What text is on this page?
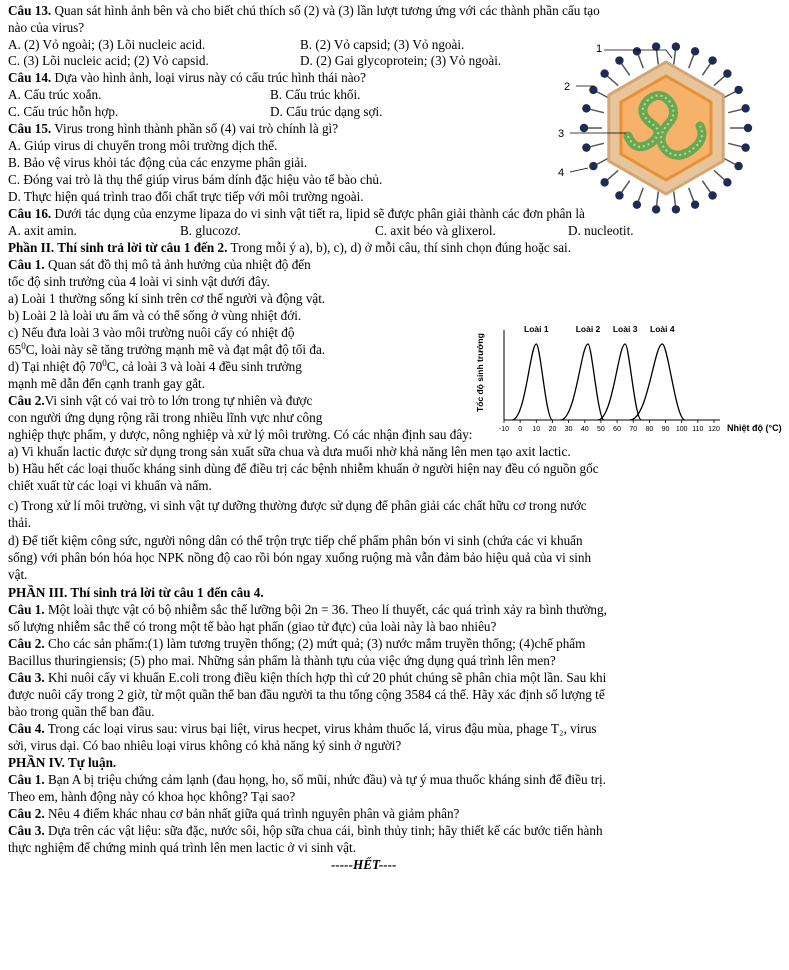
Câu 13. Quan sát hình ảnh bên và cho biết chú thích số (2) và (3) lần lượt tương ứng với các thành phần cấu tạo
nào của virus?
A. (2) Vỏ ngoài; (3) Lõi nucleic acid.	B. (2) Vỏ capsid; (3) Vỏ ngoài.
C. (3) Lõi nucleic acid; (2) Vỏ capsid.	D. (2) Gai glycoprotein; (3) Vỏ ngoài.
Câu 14. Dựa vào hình ảnh, loại virus này có cấu trúc hình thái nào?
A. Cấu trúc xoắn.	B. Cấu trúc khối.
C. Cấu trúc hỗn hợp.	D. Cấu trúc dạng sợi.
Câu 15. Virus trong hình thành phần số (4) vai trò chính là gì?
A. Giúp virus di chuyển trong môi trường dịch thể.
B. Bảo vệ virus khỏi tác động của các enzyme phân giải.
C. Đóng vai trò là thụ thể giúp virus bám dính đặc hiệu vào tế bào chủ.
D. Thực hiện quá trình trao đổi chất trực tiếp với môi trường ngoài.
1
2
3
4
Câu 16. Dưới tác dụng của enzyme lipaza do vi sinh vật tiết ra, lipid sẽ được phân giải thành các đơn phân là
A. axit amin.	B. glucozơ.	C. axit béo và glixerol.	D. nucleotit.
Phần II. Thí sinh trả lời từ câu 1 đến 2. Trong mỗi ý a), b), c), d) ở mỗi câu, thí sinh chọn đúng hoặc sai.
Câu 1. Quan sát đồ thị mô tả ảnh hưởng của nhiệt độ đến
tốc độ sinh trưởng của 4 loài vi sinh vật dưới đây.
a) Loài 1 thường sống kí sinh trên cơ thể người và động vật.
b) Loài 2 là loài ưu ấm và có thể sống ở vùng nhiệt đới.
c) Nếu đưa loài 3 vào môi trường nuôi cấy có nhiệt độ
$65^0C$, loài này sẽ tăng trưởng mạnh mẽ và đạt mật độ tối đa.
d) Tại nhiệt độ $70^0C$, cả loài 3 và loài 4 đều sinh trưởng
mạnh mẽ dẫn đến cạnh tranh gay gắt.
Câu 2.Vi sinh vật có vai trò to lớn trong tự nhiên và được
con người ứng dụng rộng rãi trong nhiều lĩnh vực như công
Loài 1	Loài 2 Loài 3 Loài 4
-10 0 10 20 30 40 50 60 70 80 90 100 110 120
Tốc độ sinh trưởng
Nhiệt độ (°C)
nghiệp thực phẩm, y dược, nông nghiệp và xử lý môi trường. Có các nhận định sau đây:
a) Vi khuẩn lactic được sử dụng trong sản xuất sữa chua và dưa muối nhờ khả năng lên men tạo axit lactic.
b) Hầu hết các loại thuốc kháng sinh dùng để điều trị các bệnh nhiễm khuẩn ở người hiện nay đều có nguồn gốc
chiết xuất từ các loại vi khuẩn và nấm.
c) Trong xử lí môi trường, vi sinh vật tự dưỡng thường được sử dụng để phân giải các chất hữu cơ trong nước
thải.
d) Để tiết kiệm công sức, người nông dân có thể trộn trực tiếp chế phẩm phân bón vi sinh (chứa các vi khuẩn
sống) với phân bón hóa học NPK nồng độ cao rồi bón ngay xuống ruộng mà vẫn đảm bảo hiệu quả của vi sinh
vật.
PHẦN III. Thí sinh trả lời từ câu 1 đến câu 4.
Câu 1. Một loài thực vật có bộ nhiễm sắc thể lưỡng bội 2n = 36. Theo lí thuyết, các quá trình xảy ra bình thường,
số lượng nhiễm sắc thể có trong một tế bào hạt phấn (giao tử đực) của loài này là bao nhiêu?
Câu 2. Cho các sản phẩm:(1) làm tương truyền thống; (2) mứt quả; (3) nước mắm truyền thống; (4)chế phẩm
Bacillus thuringiensis; (5) pho mai. Những sản phẩm là thành tựu của việc ứng dụng quá trình lên men?
Câu 3. Khi nuôi cấy vi khuẩn E.coli trong điều kiện thích hợp thì cứ 20 phút chúng sẽ phân chia một lần. Sau khi
được nuôi cấy trong 2 giờ, từ một quần thể ban đầu người ta thu tổng cộng 3584 cá thể. Hãy xác định số lượng tế
bào trong quần thể ban đầu.
Câu 4. Trong các loại virus sau: virus bại liệt, virus hecpet, virus khảm thuốc lá, virus đậu mùa, phage T₂, virus
sởi, virus dại. Có bao nhiêu loại virus không có khả năng ký sinh ở người?
PHẦN IV. Tự luận.
Câu 1. Bạn A bị triệu chứng cảm lạnh (đau họng, ho, sổ mũi, nhức đầu) và tự ý mua thuốc kháng sinh để điều trị.
Theo em, hành động này có khoa học không? Tại sao?
Câu 2. Nêu 4 điểm khác nhau cơ bản nhất giữa quá trình nguyên phân và giảm phân?
Câu 3. Dựa trên các vật liệu: sữa đặc, nước sôi, hộp sữa chua cái, bình thủy tinh; hãy thiết kế các bước tiến hành
thực nghiệm để chứng minh quá trình lên men lactic ở vi sinh vật.
-----HẾT----
